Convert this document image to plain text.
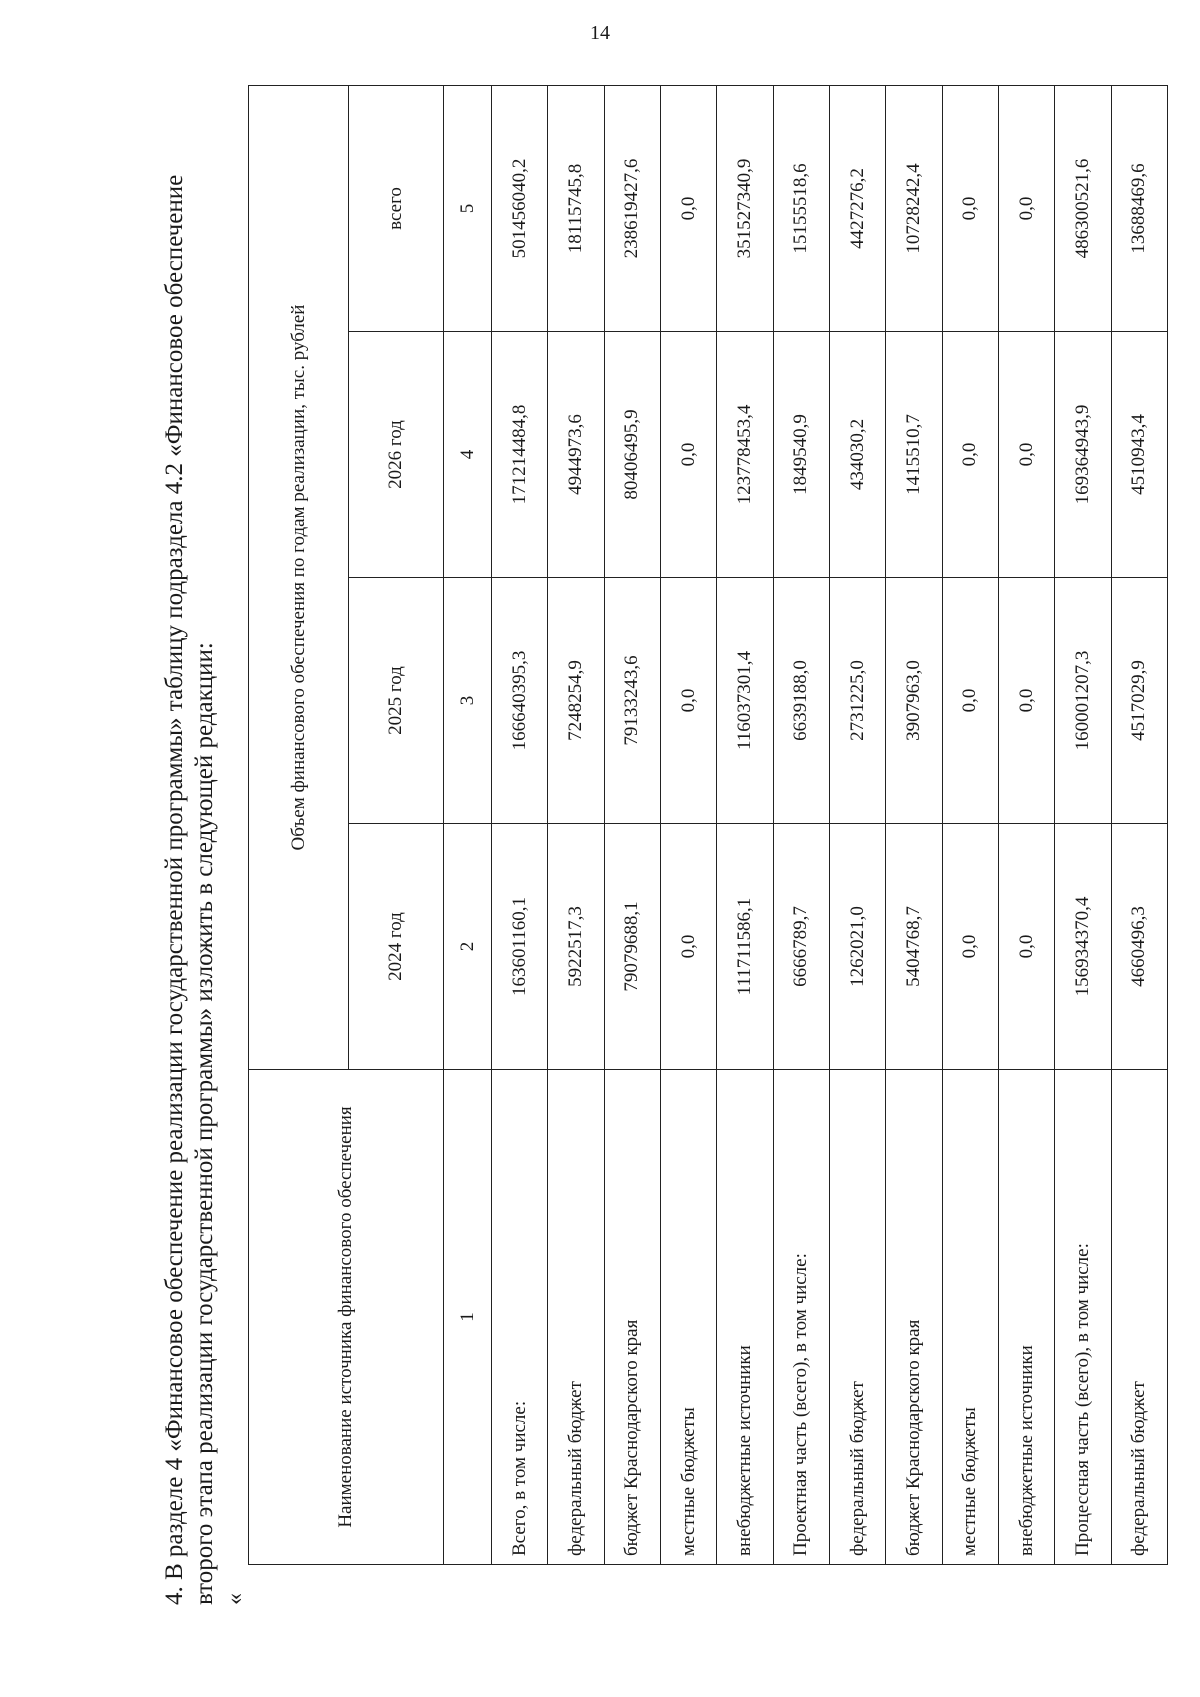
14
4. В разделе 4 «Финансовое обеспечение реализации государственной программы» таблицу подраздела 4.2 «Финансовое обеспечение второго этапа реализации государственной программы» изложить в следующей редакции: «
Наименование источника финансового обеспечения	Объем финансового обеспечения по годам реализации, тыс. рублей			

	2024 год	2025 год	2026 год	всего
1	2	3	4	5
Всего, в том числе:	163601160,1	166640395,3	171214484,8	501456040,2
федеральный бюджет	5922517,3	7248254,9	4944973,6	18115745,8
бюджет Краснодарского края	79079688,1	79133243,6	80406495,9	238619427,6
местные бюджеты	0,0	0,0	0,0	0,0
внебюджетные источники	111711586,1	116037301,4	123778453,4	351527340,9
Проектная часть (всего), в том числе:	6666789,7	6639188,0	1849540,9	15155518,6
федеральный бюджет	1262021,0	2731225,0	434030,2	4427276,2
бюджет Краснодарского края	5404768,7	3907963,0	1415510,7	10728242,4
местные бюджеты	0,0	0,0	0,0	0,0
внебюджетные источники	0,0	0,0	0,0	0,0
Процессная часть (всего), в том числе:	156934370,4	160001207,3	169364943,9	486300521,6
федеральный бюджет	4660496,3	4517029,9	4510943,4	13688469,6
